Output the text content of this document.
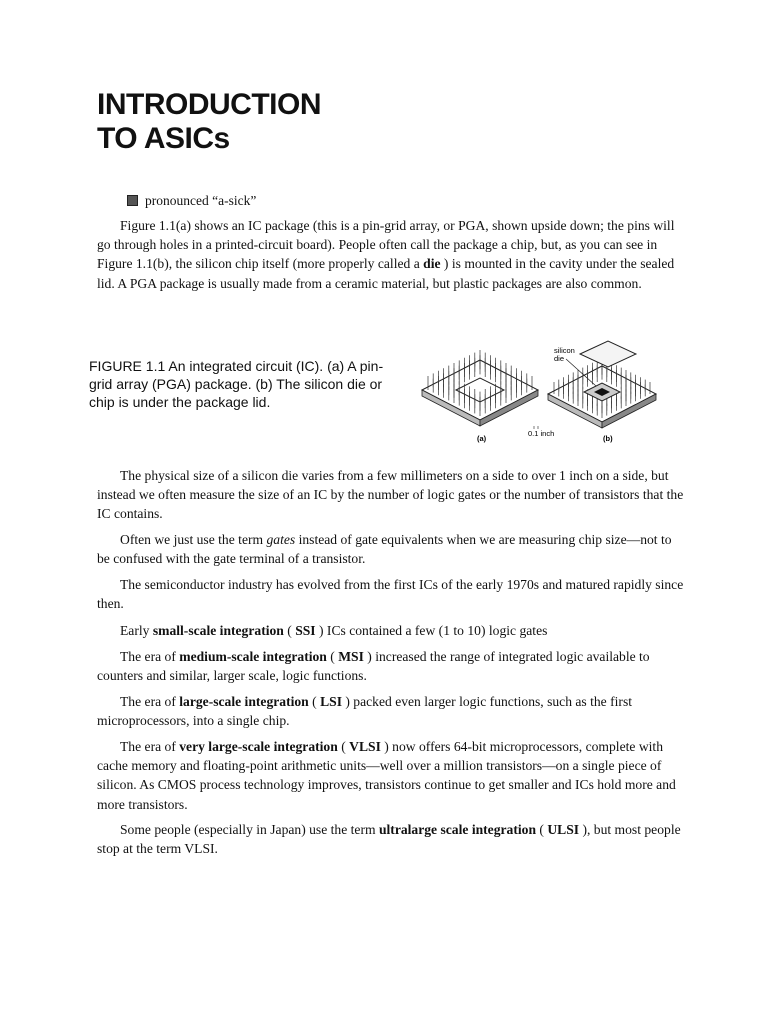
INTRODUCTION
TO ASICs
pronounced “a-sick”

Figure 1.1(a) shows an IC package (this is a pin-grid array, or PGA, shown upside down; the pins will go through holes in a printed-circuit board). People often call the package a chip, but, as you can see in Figure 1.1(b), the silicon chip itself (more properly called a die ) is mounted in the cavity under the sealed lid. A PGA package is usually made from a ceramic material, but plastic packages are also common.

FIGURE 1.1 An integrated circuit (IC). (a) A pin-grid array (PGA) package. (b) The silicon die or chip is under the package lid.

silicon
die
(a)
0.1 inch
(b)

The physical size of a silicon die varies from a few millimeters on a side to over 1 inch on a side, but instead we often measure the size of an IC by the number of logic gates or the number of transistors that the IC contains.

Often we just use the term gates instead of gate equivalents when we are measuring chip size—not to be confused with the gate terminal of a transistor.

The semiconductor industry has evolved from the first ICs of the early 1970s and matured rapidly since then.

Early small-scale integration ( SSI ) ICs contained a few (1 to 10) logic gates

The era of medium-scale integration ( MSI ) increased the range of integrated logic available to counters and similar, larger scale, logic functions.

The era of large-scale integration ( LSI ) packed even larger logic functions, such as the first microprocessors, into a single chip.

The era of very large-scale integration ( VLSI ) now offers 64-bit microprocessors, complete with cache memory and floating-point arithmetic units—well over a million transistors—on a single piece of silicon. As CMOS process technology improves, transistors continue to get smaller and ICs hold more and more transistors.

Some people (especially in Japan) use the term ultralarge scale integration ( ULSI ), but most people stop at the term VLSI.
